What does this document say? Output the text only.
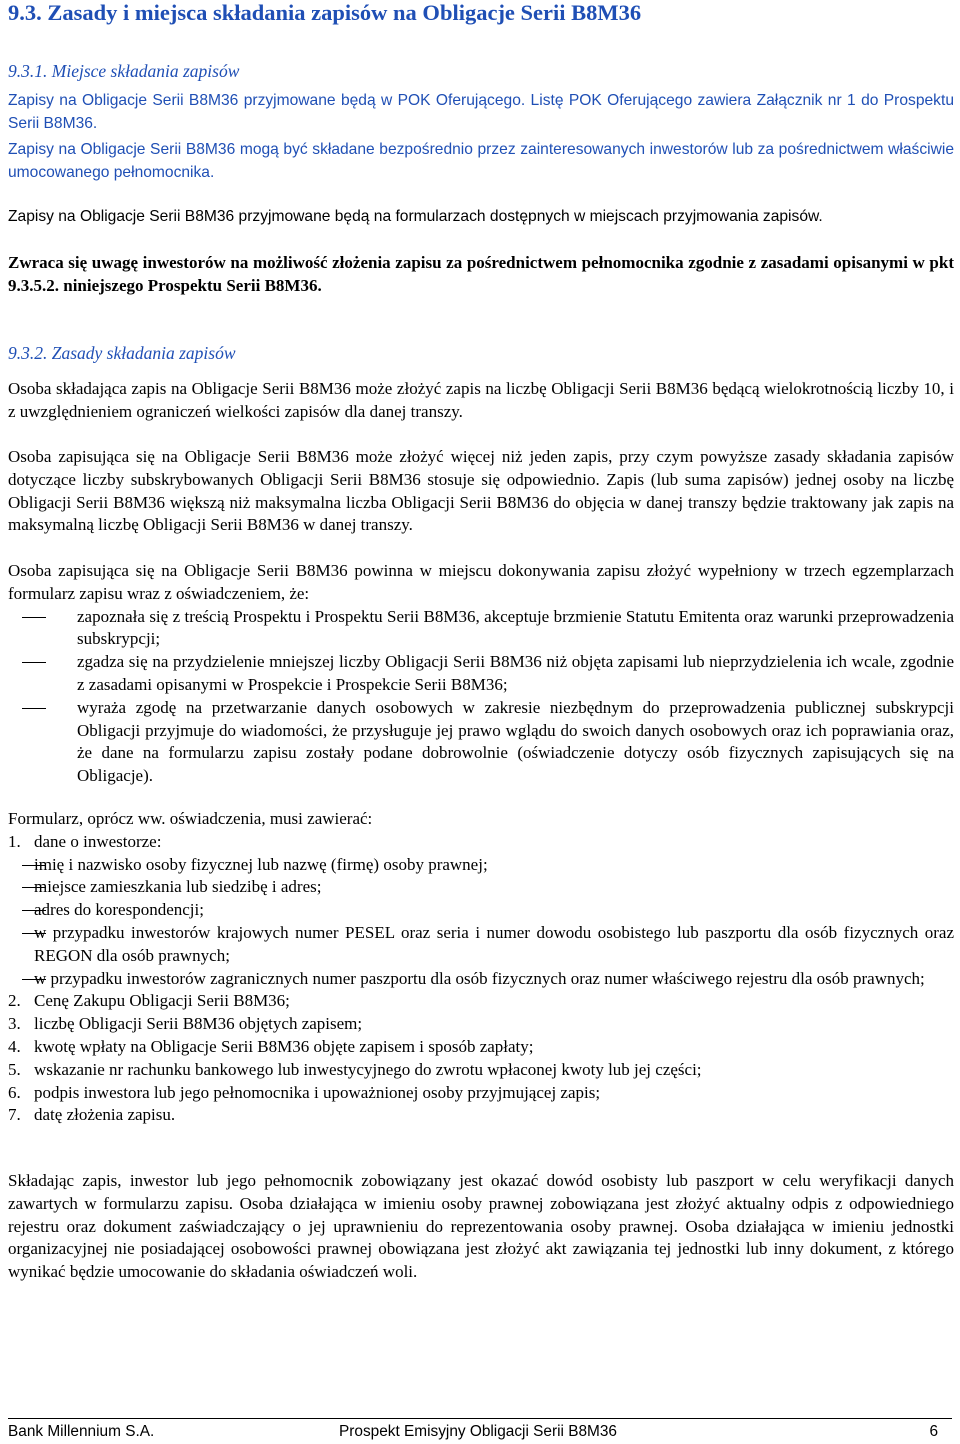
9.3. Zasady i miejsca składania zapisów na Obligacje Serii B8M36
9.3.1. Miejsce składania zapisów

Zapisy na Obligacje Serii B8M36 przyjmowane będą w POK Oferującego. Listę POK Oferującego zawiera Załącznik nr 1 do Prospektu Serii B8M36.

Zapisy na Obligacje Serii B8M36 mogą być składane bezpośrednio przez zainteresowanych inwestorów lub za pośrednictwem właściwie umocowanego pełnomocnika.

Zapisy na Obligacje Serii B8M36 przyjmowane będą na formularzach dostępnych w miejscach przyjmowania zapisów.

Zwraca się uwagę inwestorów na możliwość złożenia zapisu za pośrednictwem pełnomocnika zgodnie z zasadami opisanymi w pkt 9.3.5.2. niniejszego Prospektu Serii B8M36.

9.3.2. Zasady składania zapisów

Osoba składająca zapis na Obligacje Serii B8M36 może złożyć zapis na liczbę Obligacji Serii B8M36 będącą wielokrotnością liczby 10, i z uwzględnieniem ograniczeń wielkości zapisów dla danej transzy.

Osoba zapisująca się na Obligacje Serii B8M36 może złożyć więcej niż jeden zapis, przy czym powyższe zasady składania zapisów dotyczące liczby subskrybowanych Obligacji Serii B8M36 stosuje się odpowiednio. Zapis (lub suma zapisów) jednej osoby na liczbę Obligacji Serii B8M36 większą niż maksymalna liczba Obligacji Serii B8M36 do objęcia w danej transzy będzie traktowany jak zapis na maksymalną liczbę Obligacji Serii B8M36 w danej transzy.

Osoba zapisująca się na Obligacje Serii B8M36 powinna w miejscu dokonywania zapisu złożyć wypełniony w trzech egzemplarzach formularz zapisu wraz z oświadczeniem, że:
zapoznała się z treścią Prospektu i Prospektu Serii B8M36, akceptuje brzmienie Statutu Emitenta oraz warunki przeprowadzenia subskrypcji;
zgadza się na przydzielenie mniejszej liczby Obligacji Serii B8M36 niż objęta zapisami lub nieprzydzielenia ich wcale, zgodnie z zasadami opisanymi w Prospekcie i Prospekcie Serii B8M36;
wyraża zgodę na przetwarzanie danych osobowych w zakresie niezbędnym do przeprowadzenia publicznej subskrypcji Obligacji przyjmuje do wiadomości, że przysługuje jej prawo wglądu do swoich danych osobowych oraz ich poprawiania oraz, że dane na formularzu zapisu zostały podane dobrowolnie (oświadczenie dotyczy osób fizycznych zapisujących się na Obligacje).
Formularz, oprócz ww. oświadczenia, musi zawierać:
1. dane o inwestorze:
imię i nazwisko osoby fizycznej lub nazwę (firmę) osoby prawnej;
miejsce zamieszkania lub siedzibę i adres;
adres do korespondencji;
w przypadku inwestorów krajowych numer PESEL oraz seria i numer dowodu osobistego lub paszportu dla osób fizycznych oraz REGON dla osób prawnych;
w przypadku inwestorów zagranicznych numer paszportu dla osób fizycznych oraz numer właściwego rejestru dla osób prawnych;
2. Cenę Zakupu Obligacji Serii B8M36;
3. liczbę Obligacji Serii B8M36 objętych zapisem;
4. kwotę wpłaty na Obligacje Serii B8M36 objęte zapisem i sposób zapłaty;
5. wskazanie nr rachunku bankowego lub inwestycyjnego do zwrotu wpłaconej kwoty lub jej części;
6. podpis inwestora lub jego pełnomocnika i upoważnionej osoby przyjmującej zapis;
7. datę złożenia zapisu.

Składając zapis, inwestor lub jego pełnomocnik zobowiązany jest okazać dowód osobisty lub paszport w celu weryfikacji danych zawartych w formularzu zapisu. Osoba działająca w imieniu osoby prawnej zobowiązana jest złożyć aktualny odpis z odpowiedniego rejestru oraz dokument zaświadczający o jej uprawnieniu do reprezentowania osoby prawnej. Osoba działająca w imieniu jednostki organizacyjnej nie posiadającej osobowości prawnej obowiązana jest złożyć akt zawiązania tej jednostki lub inny dokument, z którego wynikać będzie umocowanie do składania oświadczeń woli.

Bank Millennium S.A.	Prospekt Emisyjny Obligacji Serii B8M36	6
